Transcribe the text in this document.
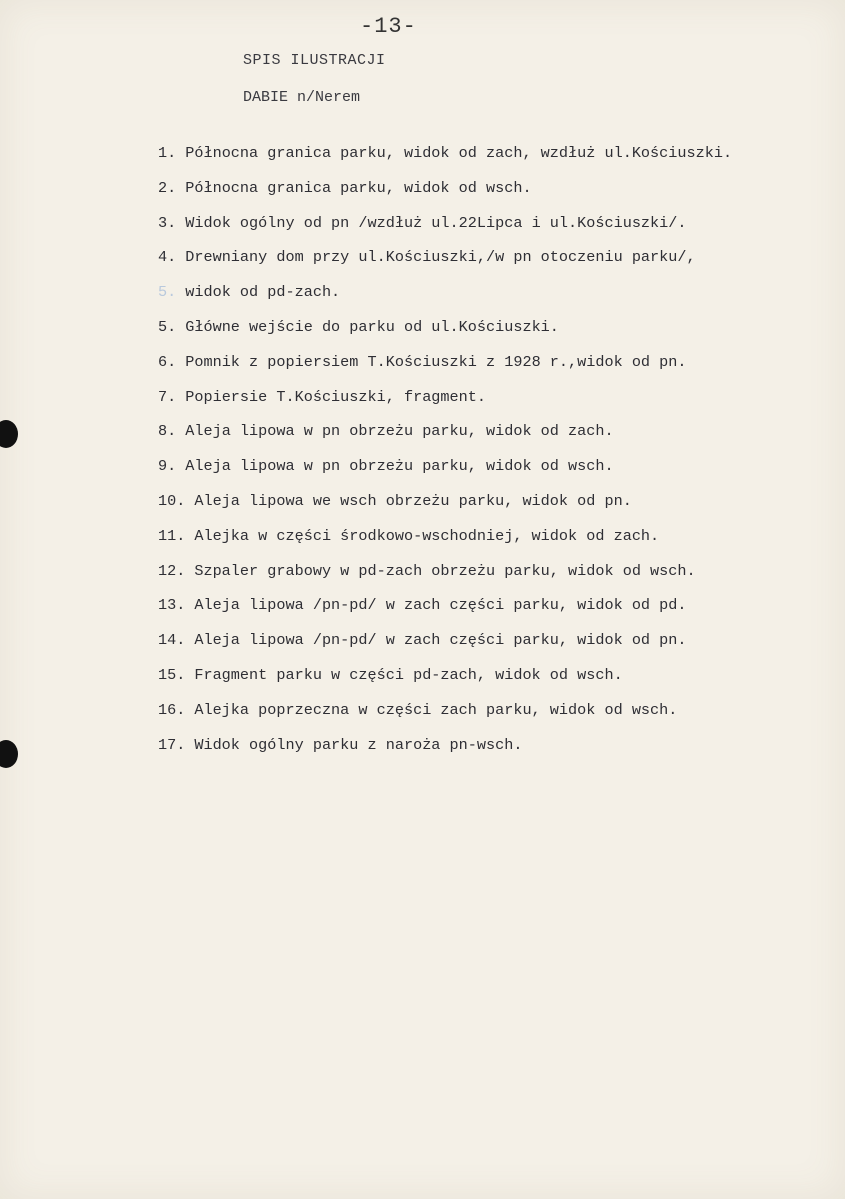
-13-
SPIS ILUSTRACJI
DABIE n/Nerem
1. Północna granica parku, widok od zach, wzdłuż ul.Kościuszki.
2. Północna granica parku, widok od wsch.
3. Widok ogólny od pn /wzdłuż ul.22Lipca i ul.Kościuszki/.
4. Drewniany dom przy ul.Kościuszki,/w pn otoczeniu parku/,
5. widok od pd-zach.
5. Główne wejście do parku od ul.Kościuszki.
6. Pomnik z popiersiem T.Kościuszki z 1928 r.,widok od pn.
7. Popiersie T.Kościuszki, fragment.
8. Aleja lipowa w pn obrzeżu parku, widok od zach.
9. Aleja lipowa w pn obrzeżu parku, widok od wsch.
10. Aleja lipowa we wsch obrzeżu parku, widok od pn.
11. Alejka w części środkowo-wschodniej, widok od zach.
12. Szpaler grabowy w pd-zach obrzeżu parku, widok od wsch.
13. Aleja lipowa /pn-pd/ w zach części parku, widok od pd.
14. Aleja lipowa /pn-pd/ w zach części parku, widok od pn.
15. Fragment parku w części pd-zach, widok od wsch.
16. Alejka poprzeczna w części zach parku, widok od wsch.
17. Widok ogólny parku z naroża pn-wsch.
